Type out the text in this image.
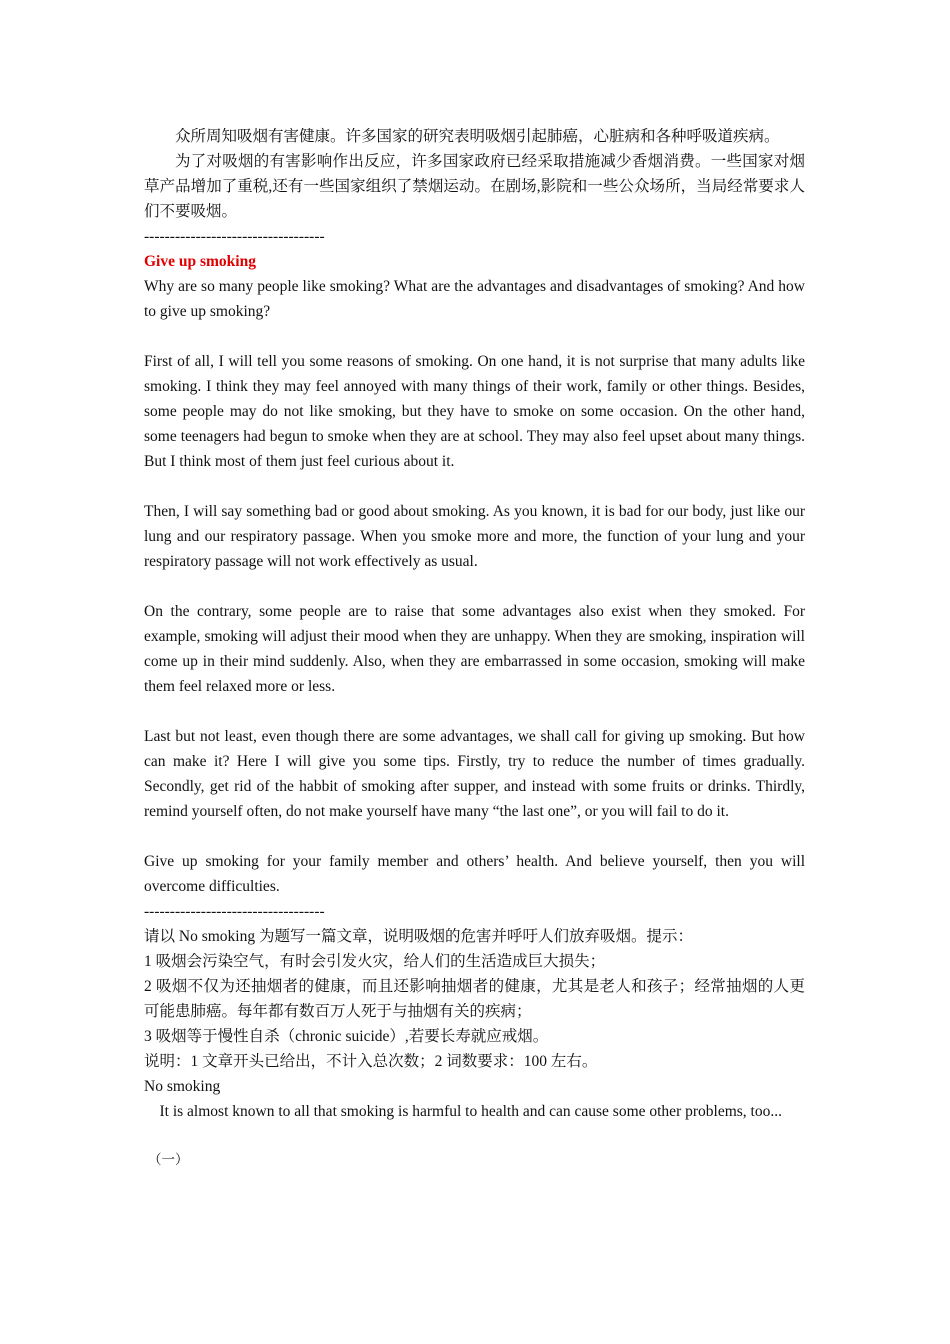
众所周知吸烟有害健康。许多国家的研究表明吸烟引起肺癌，心脏病和各种呼吸道疾病。

为了对吸烟的有害影响作出反应，许多国家政府已经采取措施减少香烟消费。一些国家对烟草产品增加了重税,还有一些国家组织了禁烟运动。在剧场,影院和一些公众场所，当局经常要求人们不要吸烟。

-----------------------------------

Give up smoking

Why are so many people like smoking? What are the advantages and disadvantages of smoking? And how to give up smoking?

First of all, I will tell you some reasons of smoking. On one hand, it is not surprise that many adults like smoking. I think they may feel annoyed with many things of their work, family or other things. Besides, some people may do not like smoking, but they have to smoke on some occasion. On the other hand, some teenagers had begun to smoke when they are at school. They may also feel upset about many things. But I think most of them just feel curious about it.

Then, I will say something bad or good about smoking. As you known, it is bad for our body, just like our lung and our respiratory passage. When you smoke more and more, the function of your lung and your respiratory passage will not work effectively as usual.

On the contrary, some people are to raise that some advantages also exist when they smoked. For example, smoking will adjust their mood when they are unhappy. When they are smoking, inspiration will come up in their mind suddenly. Also, when they are embarrassed in some occasion, smoking will make them feel relaxed more or less.

Last but not least, even though there are some advantages, we shall call for giving up smoking. But how can make it? Here I will give you some tips. Firstly, try to reduce the number of times gradually. Secondly, get rid of the habbit of smoking after supper, and instead with some fruits or drinks. Thirdly, remind yourself often, do not make yourself have many “the last one”, or you will fail to do it.

Give up smoking for your family member and others’ health. And believe yourself, then you will overcome difficulties.

-----------------------------------

请以 No smoking 为题写一篇文章，说明吸烟的危害并呼吁人们放弃吸烟。提示：

1 吸烟会污染空气，有时会引发火灾，给人们的生活造成巨大损失；

2 吸烟不仅为还抽烟者的健康，而且还影响抽烟者的健康，尤其是老人和孩子；经常抽烟的人更可能患肺癌。每年都有数百万人死于与抽烟有关的疾病；

3 吸烟等于慢性自杀（chronic suicide）,若要长寿就应戒烟。

说明：1 文章开头已给出，不计入总次数；2 词数要求：100 左右。

No smoking

It is almost known to all that smoking is harmful to health and can cause some other problems, too...

（一）
